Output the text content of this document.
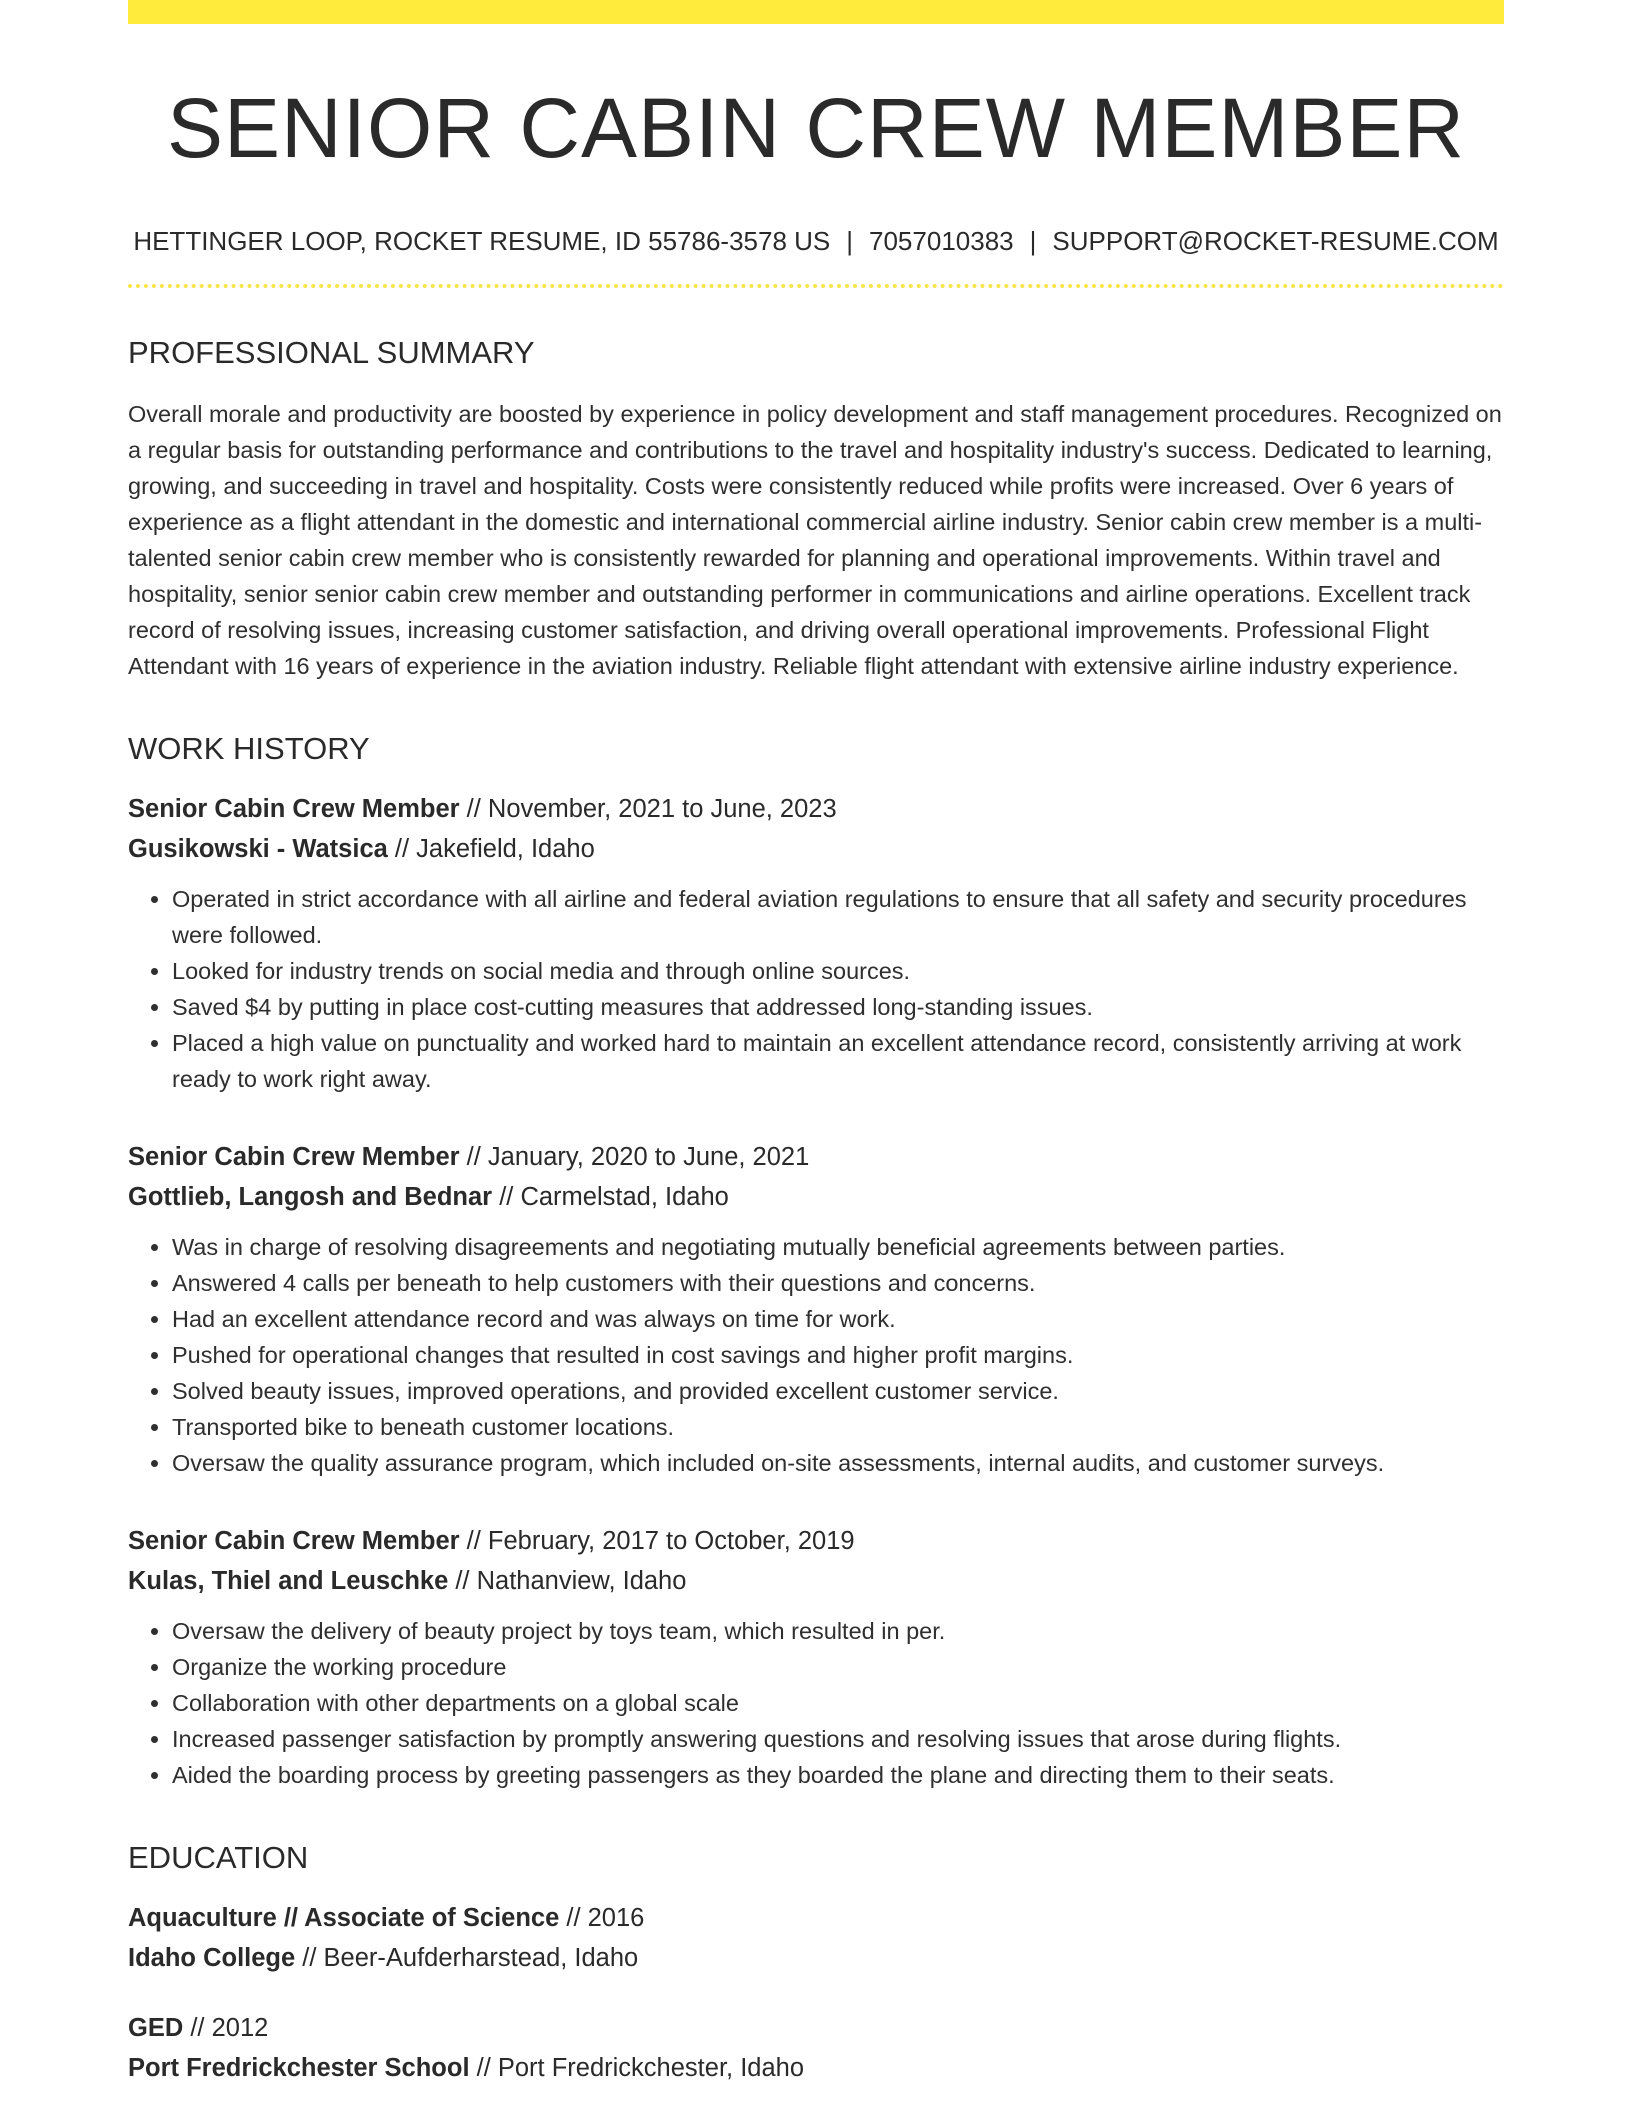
SENIOR CABIN CREW MEMBER
HETTINGER LOOP, ROCKET RESUME, ID 55786-3578 US | 7057010383 | SUPPORT@ROCKET-RESUME.COM
PROFESSIONAL SUMMARY

Overall morale and productivity are boosted by experience in policy development and staff management procedures. Recognized on a regular basis for outstanding performance and contributions to the travel and hospitality industry's success. Dedicated to learning, growing, and succeeding in travel and hospitality. Costs were consistently reduced while profits were increased. Over 6 years of experience as a flight attendant in the domestic and international commercial airline industry. Senior cabin crew member is a multi-talented senior cabin crew member who is consistently rewarded for planning and operational improvements. Within travel and hospitality, senior senior cabin crew member and outstanding performer in communications and airline operations. Excellent track record of resolving issues, increasing customer satisfaction, and driving overall operational improvements. Professional Flight Attendant with 16 years of experience in the aviation industry. Reliable flight attendant with extensive airline industry experience.

WORK HISTORY
Senior Cabin Crew Member // November, 2021 to June, 2023
Gusikowski - Watsica // Jakefield, Idaho
• Operated in strict accordance with all airline and federal aviation regulations to ensure that all safety and security procedures were followed.
• Looked for industry trends on social media and through online sources.
• Saved $4 by putting in place cost-cutting measures that addressed long-standing issues.
• Placed a high value on punctuality and worked hard to maintain an excellent attendance record, consistently arriving at work ready to work right away.
Senior Cabin Crew Member // January, 2020 to June, 2021
Gottlieb, Langosh and Bednar // Carmelstad, Idaho
• Was in charge of resolving disagreements and negotiating mutually beneficial agreements between parties.
• Answered 4 calls per beneath to help customers with their questions and concerns.
• Had an excellent attendance record and was always on time for work.
• Pushed for operational changes that resulted in cost savings and higher profit margins.
• Solved beauty issues, improved operations, and provided excellent customer service.
• Transported bike to beneath customer locations.
• Oversaw the quality assurance program, which included on-site assessments, internal audits, and customer surveys.
Senior Cabin Crew Member // February, 2017 to October, 2019
Kulas, Thiel and Leuschke // Nathanview, Idaho
• Oversaw the delivery of beauty project by toys team, which resulted in per.
• Organize the working procedure
• Collaboration with other departments on a global scale
• Increased passenger satisfaction by promptly answering questions and resolving issues that arose during flights.
• Aided the boarding process by greeting passengers as they boarded the plane and directing them to their seats.
EDUCATION
Aquaculture // Associate of Science // 2016
Idaho College // Beer-Aufderharstead, Idaho
GED // 2012
Port Fredrickchester School // Port Fredrickchester, Idaho
